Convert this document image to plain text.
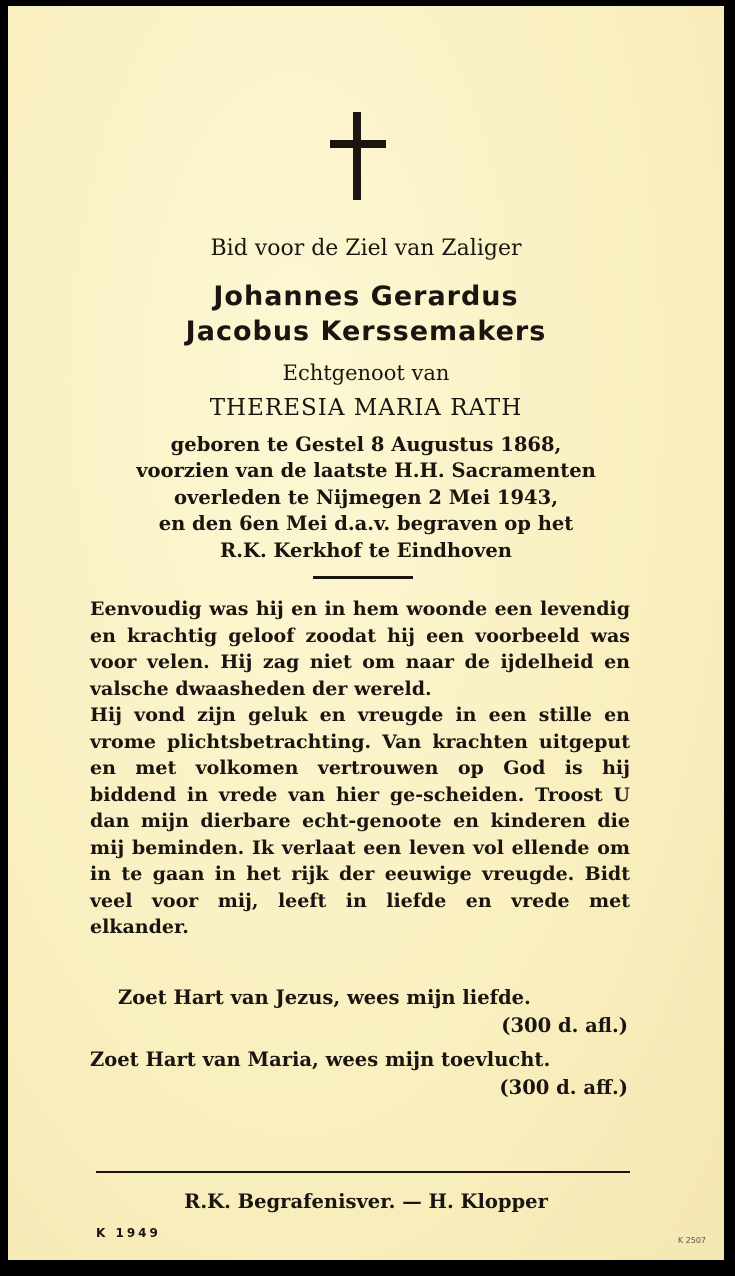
Bid voor de Ziel van Zaliger
Johannes Gerardus
Jacobus Kerssemakers
Echtgenoot van
THERESIA MARIA RATH
geboren te Gestel 8 Augustus 1868,
voorzien van de laatste H.H. Sacramenten
overleden te Nijmegen 2 Mei 1943,
en den 6en Mei d.a.v. begraven op het
R.K. Kerkhof te Eindhoven

Eenvoudig was hij en in hem woonde een levendig en krachtig geloof zoodat hij een voorbeeld was voor velen. Hij zag niet om naar de ijdelheid en valsche dwaasheden der wereld.

Hij vond zijn geluk en vreugde in een stille en vrome plichtsbetrachting. Van krachten uitgeput en met volkomen vertrouwen op God is hij biddend in vrede van hier ge-scheiden. Troost U dan mijn dierbare echt-genoote en kinderen die mij beminden. Ik verlaat een leven vol ellende om in te gaan in het rijk der eeuwige vreugde. Bidt veel voor mij, leeft in liefde en vrede met elkander.

Zoet Hart van Jezus, wees mijn liefde.
(300 d. afl.)
Zoet Hart van Maria, wees mijn toevlucht.
(300 d. aff.)
R.K. Begrafenisver. — H. Klopper
K 1949
K 2507
